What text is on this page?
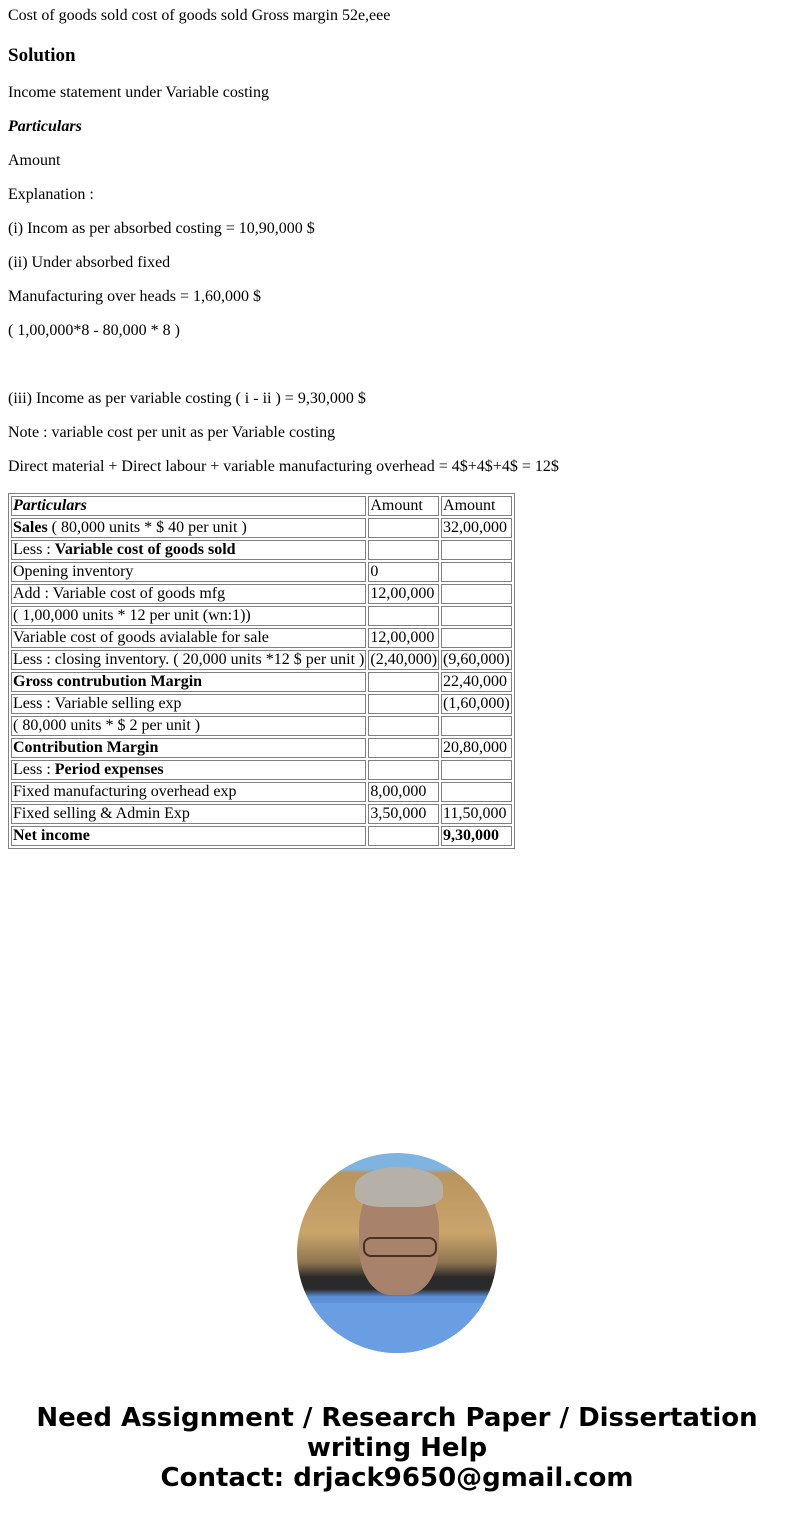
Cost of goods sold cost of goods sold Gross margin 52e,eee

Solution

Income statement under Variable costing

Particulars

Amount

Explanation :

(i) Incom as per absorbed costing = 10,90,000 $

(ii) Under absorbed fixed

Manufacturing over heads = 1,60,000 $

( 1,00,000*8 - 80,000 * 8 )

(iii) Income as per variable costing ( i - ii ) = 9,30,000 $

Note : variable cost per unit as per Variable costing

Direct material + Direct labour + variable manufacturing overhead = 4$+4$+4$ = 12$

Particulars	Amount	Amount
Sales ( 80,000 units * $ 40 per unit )		32,00,000
Less : Variable cost of goods sold		
Opening inventory	0	
Add : Variable cost of goods mfg	12,00,000	
( 1,00,000 units * 12 per unit (wn:1))		
Variable cost of goods avialable for sale	12,00,000	
Less : closing inventory. ( 20,000 units *12 $ per unit )	(2,40,000)	(9,60,000)
Gross contrubution Margin		22,40,000
Less : Variable selling exp		(1,60,000)
( 80,000 units * $ 2 per unit )		
Contribution Margin		20,80,000
Less : Period expenses		
Fixed manufacturing overhead exp	8,00,000	
Fixed selling & Admin Exp	3,50,000	11,50,000
Net income		9,30,000
Need Assignment / Research Paper / Dissertation
writing Help
Contact: drjack9650@gmail.com
